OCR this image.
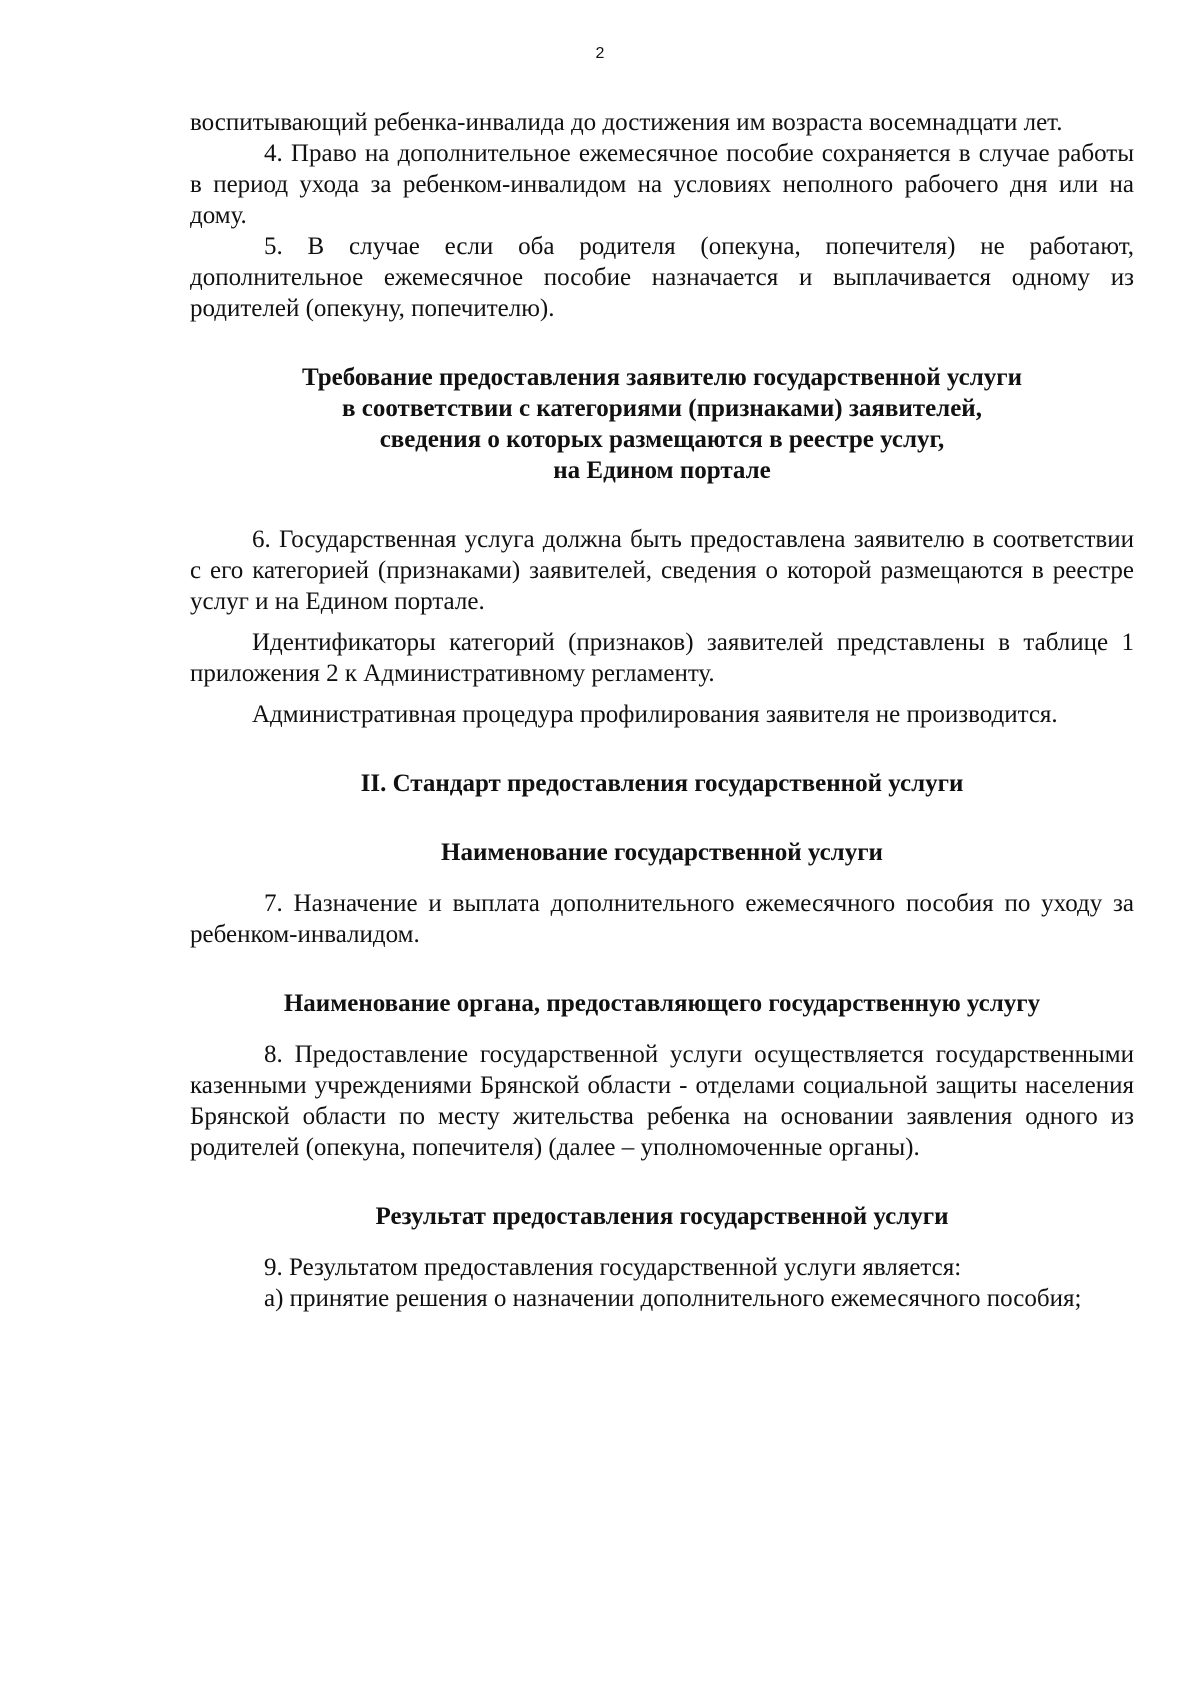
2

воспитывающий ребенка-инвалида до достижения им возраста восемнадцати лет.

4. Право на дополнительное ежемесячное пособие сохраняется в случае работы в период ухода за ребенком-инвалидом на условиях неполного рабочего дня или на дому.

5. В случае если оба родителя (опекуна, попечителя) не работают, дополнительное ежемесячное пособие назначается и выплачивается одному из родителей (опекуну, попечителю).

Требование предоставления заявителю государственной услуги

в соответствии с категориями (признаками) заявителей,

сведения о которых размещаются в реестре услуг,

на Едином портале

6. Государственная услуга должна быть предоставлена заявителю в соответствии с его категорией (признаками) заявителей, сведения о которой размещаются в реестре услуг и на Едином портале.

Идентификаторы категорий (признаков) заявителей представлены в таблице 1 приложения 2 к Административному регламенту.

Административная процедура профилирования заявителя не производится.

II. Стандарт предоставления государственной услуги

Наименование государственной услуги

7. Назначение и выплата дополнительного ежемесячного пособия по уходу за ребенком-инвалидом.

Наименование органа, предоставляющего государственную услугу

8. Предоставление государственной услуги осуществляется государственными казенными учреждениями Брянской области - отделами социальной защиты населения Брянской области по месту жительства ребенка на основании заявления одного из родителей (опекуна, попечителя) (далее – уполномоченные органы).

Результат предоставления государственной услуги

9. Результатом предоставления государственной услуги является:

а) принятие решения о назначении дополнительного ежемесячного пособия;
